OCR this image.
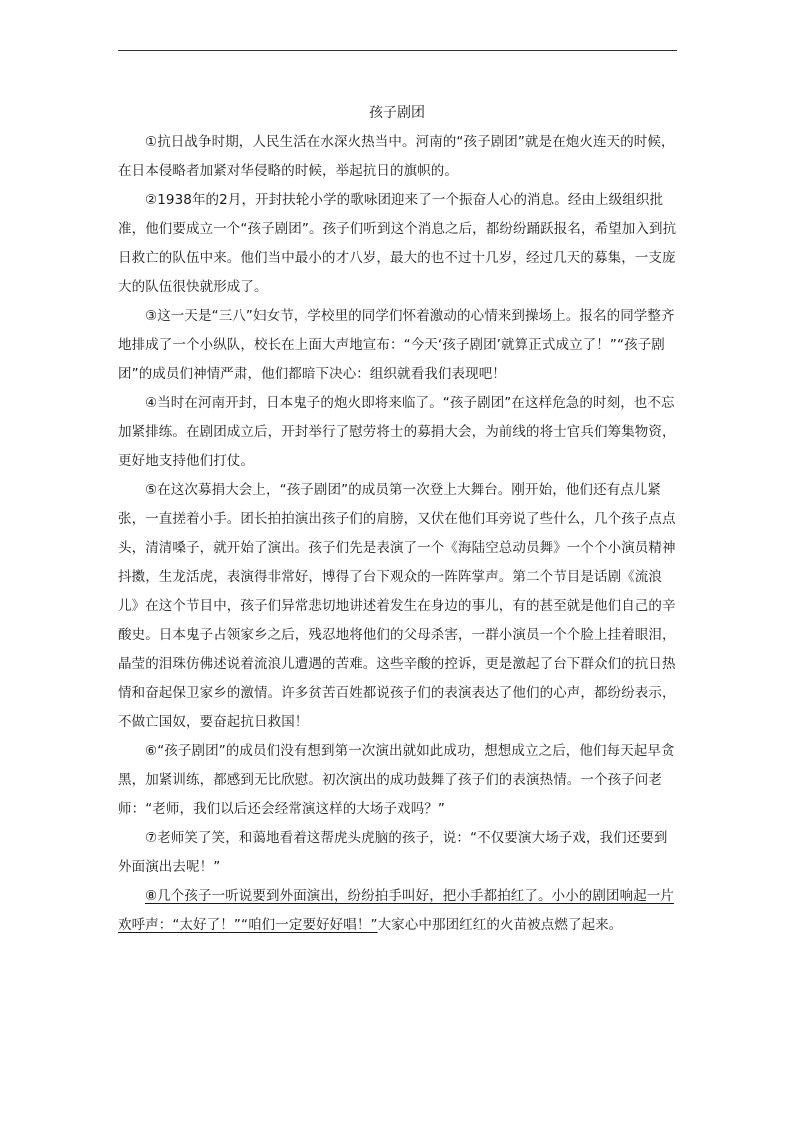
孩子剧团

①抗日战争时期，人民生活在水深火热当中。河南的“孩子剧团”就是在炮火连天的时候，在日本侵略者加紧对华侵略的时候，举起抗日的旗帜的。

②1938年的2月，开封扶轮小学的歌咏团迎来了一个振奋人心的消息。经由上级组织批准，他们要成立一个“孩子剧团”。孩子们听到这个消息之后，都纷纷踊跃报名，希望加入到抗日救亡的队伍中来。他们当中最小的才八岁，最大的也不过十几岁，经过几天的募集，一支庞大的队伍很快就形成了。

③这一天是“三八”妇女节，学校里的同学们怀着激动的心情来到操场上。报名的同学整齐地排成了一个小纵队，校长在上面大声地宣布：“今天‘孩子剧团’就算正式成立了！”“孩子剧团”的成员们神情严肃，他们都暗下决心：组织就看我们表现吧！

④当时在河南开封，日本鬼子的炮火即将来临了。“孩子剧团”在这样危急的时刻，也不忘加紧排练。在剧团成立后，开封举行了慰劳将士的募捐大会，为前线的将士官兵们筹集物资，更好地支持他们打仗。

⑤在这次募捐大会上，“孩子剧团”的成员第一次登上大舞台。刚开始，他们还有点儿紧张，一直搓着小手。团长拍拍演出孩子们的肩膀，又伏在他们耳旁说了些什么，几个孩子点点头，清清嗓子，就开始了演出。孩子们先是表演了一个《海陆空总动员舞》一个个小演员精神抖擞，生龙活虎，表演得非常好，博得了台下观众的一阵阵掌声。第二个节目是话剧《流浪儿》在这个节目中，孩子们异常悲切地讲述着发生在身边的事儿，有的甚至就是他们自己的辛酸史。日本鬼子占领家乡之后，残忍地将他们的父母杀害，一群小演员一个个脸上挂着眼泪，晶莹的泪珠仿佛述说着流浪儿遭遇的苦难。这些辛酸的控诉，更是激起了台下群众们的抗日热情和奋起保卫家乡的激情。许多贫苦百姓都说孩子们的表演表达了他们的心声，都纷纷表示，不做亡国奴，要奋起抗日救国！

⑥“孩子剧团”的成员们没有想到第一次演出就如此成功，想想成立之后，他们每天起早贪黑，加紧训练，都感到无比欣慰。初次演出的成功鼓舞了孩子们的表演热情。一个孩子问老师：“老师，我们以后还会经常演这样的大场子戏吗？”

⑦老师笑了笑，和蔼地看着这帮虎头虎脑的孩子，说：“不仅要演大场子戏，我们还要到外面演出去呢！”

⑧几个孩子一听说要到外面演出，纷纷拍手叫好，把小手都拍红了。小小的剧团响起一片欢呼声：“太好了！”“咱们一定要好好唱！”大家心中那团红红的火苗被点燃了起来。
